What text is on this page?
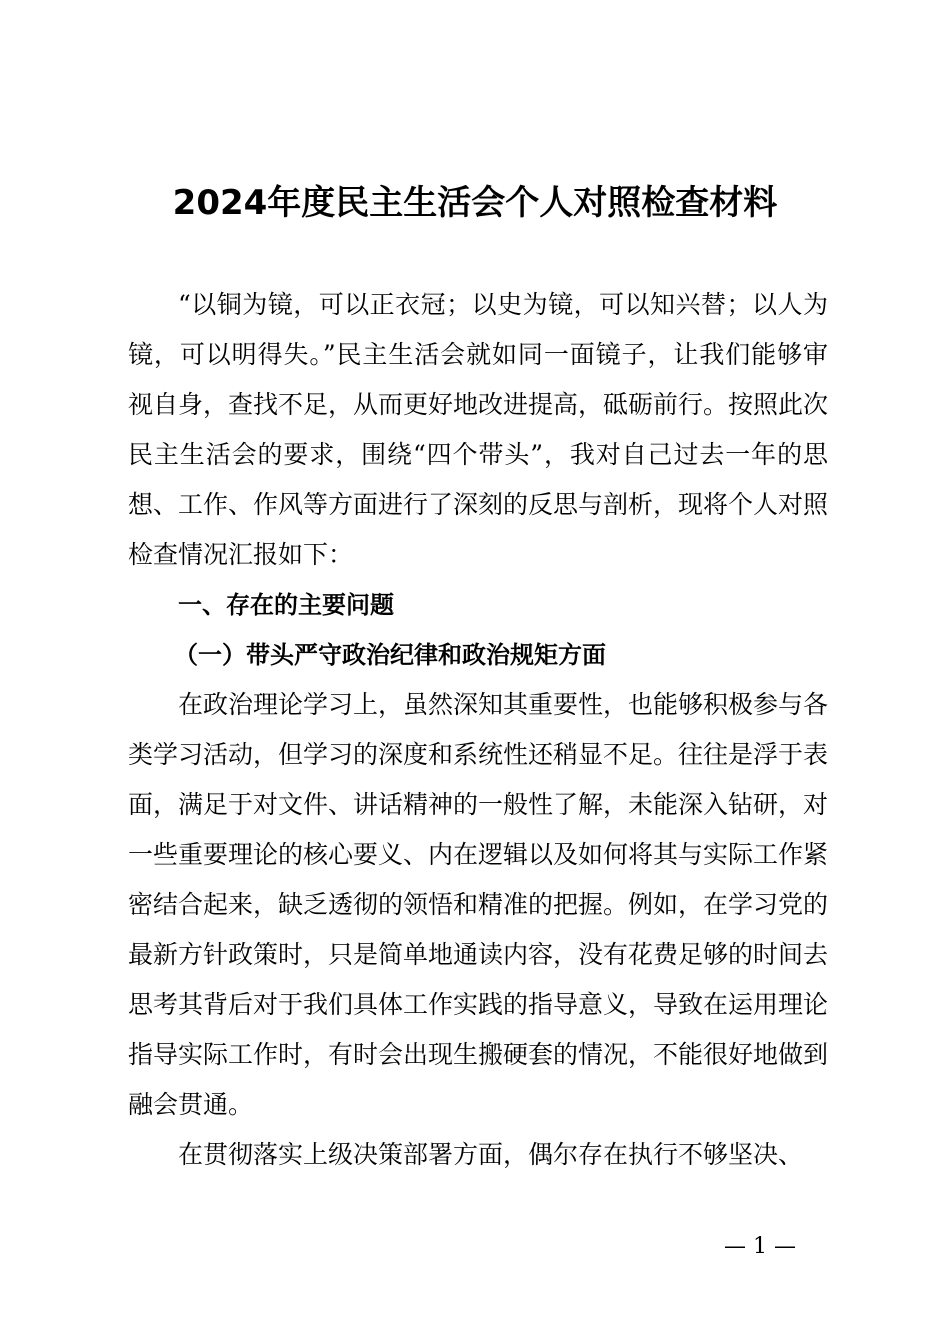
2024年度民主生活会个人对照检查材料

“以铜为镜，可以正衣冠；以史为镜，可以知兴替；以人为镜，可以明得失。”民主生活会就如同一面镜子，让我们能够审视自身，查找不足，从而更好地改进提高，砥砺前行。按照此次民主生活会的要求，围绕“四个带头”，我对自己过去一年的思想、工作、作风等方面进行了深刻的反思与剖析，现将个人对照检查情况汇报如下：

一、存在的主要问题

（一）带头严守政治纪律和政治规矩方面

在政治理论学习上，虽然深知其重要性，也能够积极参与各类学习活动，但学习的深度和系统性还稍显不足。往往是浮于表面，满足于对文件、讲话精神的一般性了解，未能深入钻研，对一些重要理论的核心要义、内在逻辑以及如何将其与实际工作紧密结合起来，缺乏透彻的领悟和精准的把握。例如，在学习党的最新方针政策时，只是简单地通读内容，没有花费足够的时间去思考其背后对于我们具体工作实践的指导意义，导致在运用理论指导实际工作时，有时会出现生搬硬套的情况，不能很好地做到融会贯通。

在贯彻落实上级决策部署方面，偶尔存在执行不够坚决、

— 1 —
